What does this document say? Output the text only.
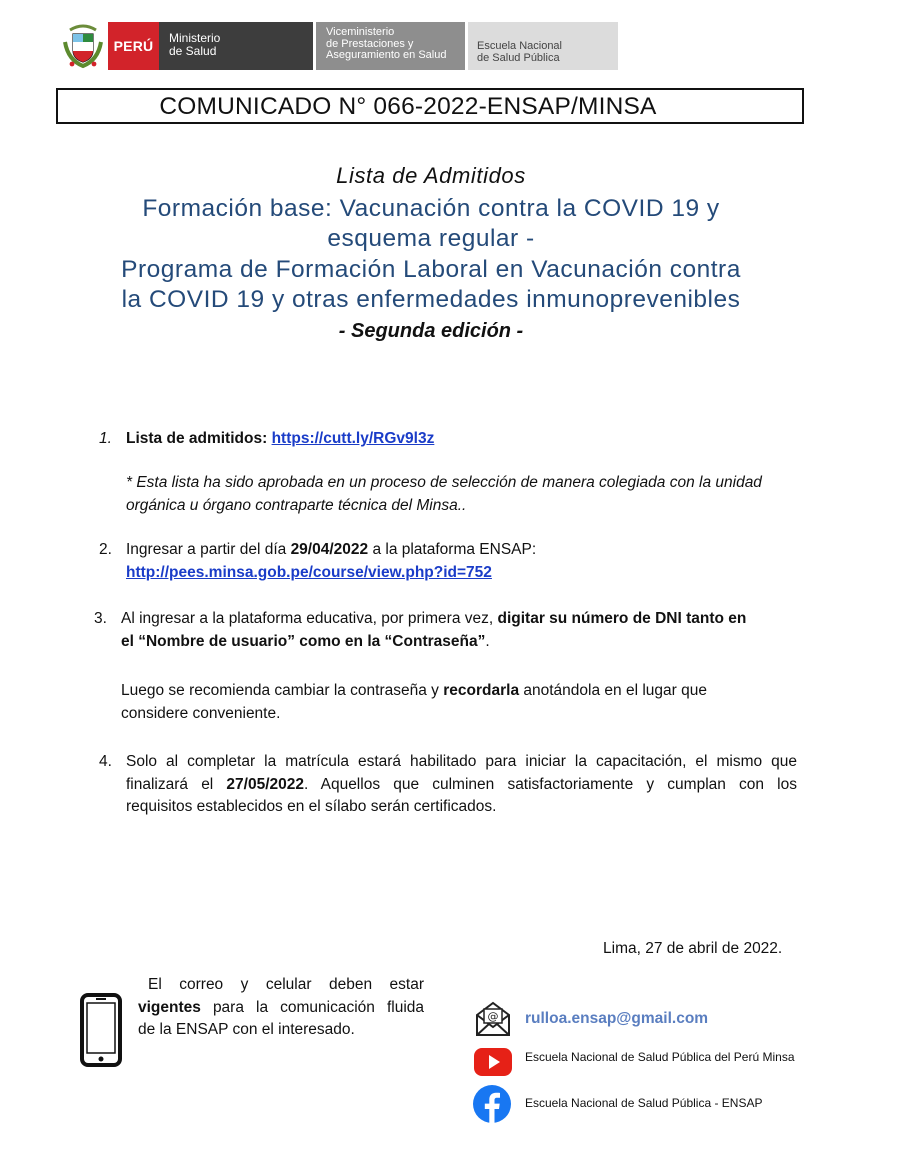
PERÚ Ministerio
de Salud
Viceministerio
de Prestaciones y
Aseguramiento en Salud
Escuela Nacional
de Salud Pública
COMUNICADO N° 066-2022-ENSAP/MINSA
Lista de Admitidos
Formación base: Vacunación contra la COVID 19 y
esquema regular -
Programa de Formación Laboral en Vacunación contra
la COVID 19 y otras enfermedades inmunoprevenibles
- Segunda edición -
1. Lista de admitidos: https://cutt.ly/RGv9l3z
* Esta lista ha sido aprobada en un proceso de selección de manera colegiada con la unidad
orgánica u órgano contraparte técnica del Minsa..
2. Ingresar a partir del día 29/04/2022 a la plataforma ENSAP:
http://pees.minsa.gob.pe/course/view.php?id=752
3. Al ingresar a la plataforma educativa, por primera vez, digitar su número de DNI tanto en
el “Nombre de usuario” como en la “Contraseña”.
Luego se recomienda cambiar la contraseña y recordarla anotándola en el lugar que
considere conveniente.
4. Solo al completar la matrícula estará habilitado para iniciar la capacitación, el mismo que
finalizará el 27/05/2022. Aquellos que culminen satisfactoriamente y cumplan con los
requisitos establecidos en el sílabo serán certificados.
Lima, 27 de abril de 2022.
El correo y celular deben estar
vigentes para la comunicación fluida
de la ENSAP con el interesado.
@ rulloa.ensap@gmail.com
Escuela Nacional de Salud Pública del Perú Minsa
Escuela Nacional de Salud Pública - ENSAP
